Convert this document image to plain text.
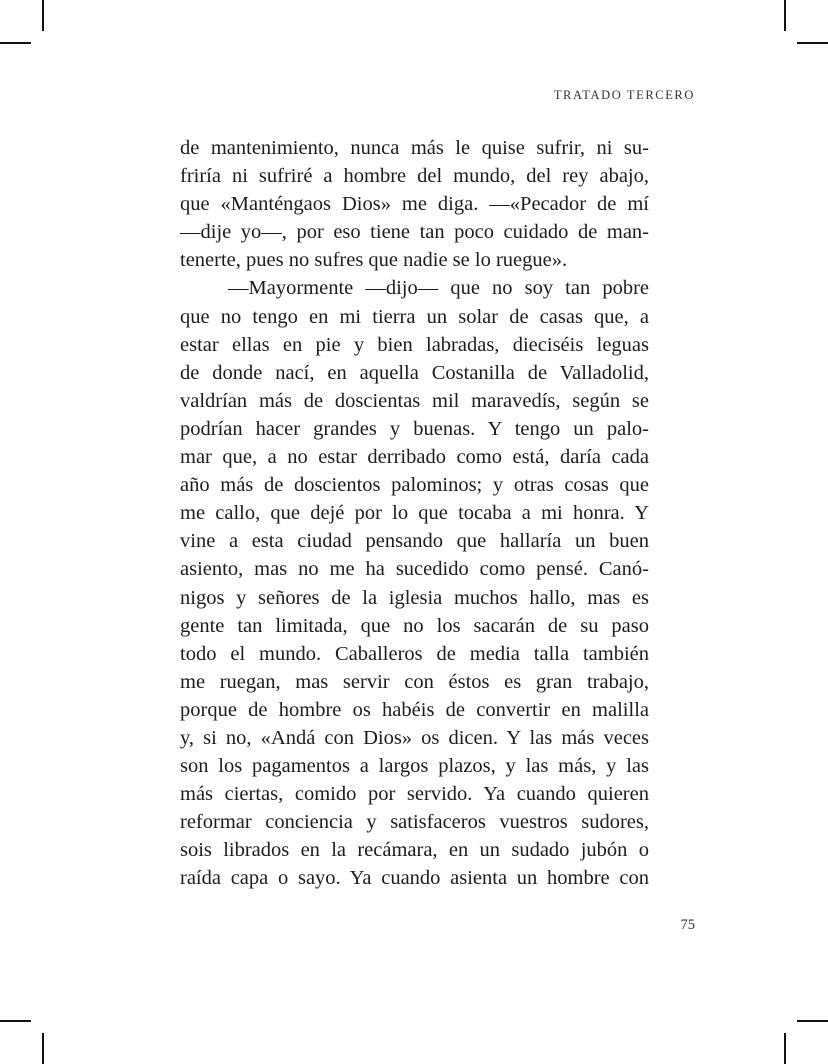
TRATADO TERCERO

de mantenimiento, nunca más le quise sufrir, ni su-
friría ni sufriré a hombre del mundo, del rey abajo,
que «Manténgaos Dios» me diga. —«Pecador de mí
—dije yo—, por eso tiene tan poco cuidado de man-
tenerte, pues no sufres que nadie se lo ruegue».
—Mayormente —dijo— que no soy tan pobre
que no tengo en mi tierra un solar de casas que, a
estar ellas en pie y bien labradas, dieciséis leguas
de donde nací, en aquella Costanilla de Valladolid,
valdrían más de doscientas mil maravedís, según se
podrían hacer grandes y buenas. Y tengo un palo-
mar que, a no estar derribado como está, daría cada
año más de doscientos palominos; y otras cosas que
me callo, que dejé por lo que tocaba a mi honra. Y
vine a esta ciudad pensando que hallaría un buen
asiento, mas no me ha sucedido como pensé. Canó-
nigos y señores de la iglesia muchos hallo, mas es
gente tan limitada, que no los sacarán de su paso
todo el mundo. Caballeros de media talla también
me ruegan, mas servir con éstos es gran trabajo,
porque de hombre os habéis de convertir en malilla
y, si no, «Andá con Dios» os dicen. Y las más veces
son los pagamentos a largos plazos, y las más, y las
más ciertas, comido por servido. Ya cuando quieren
reformar conciencia y satisfaceros vuestros sudores,
sois librados en la recámara, en un sudado jubón o
raída capa o sayo. Ya cuando asienta un hombre con

75
